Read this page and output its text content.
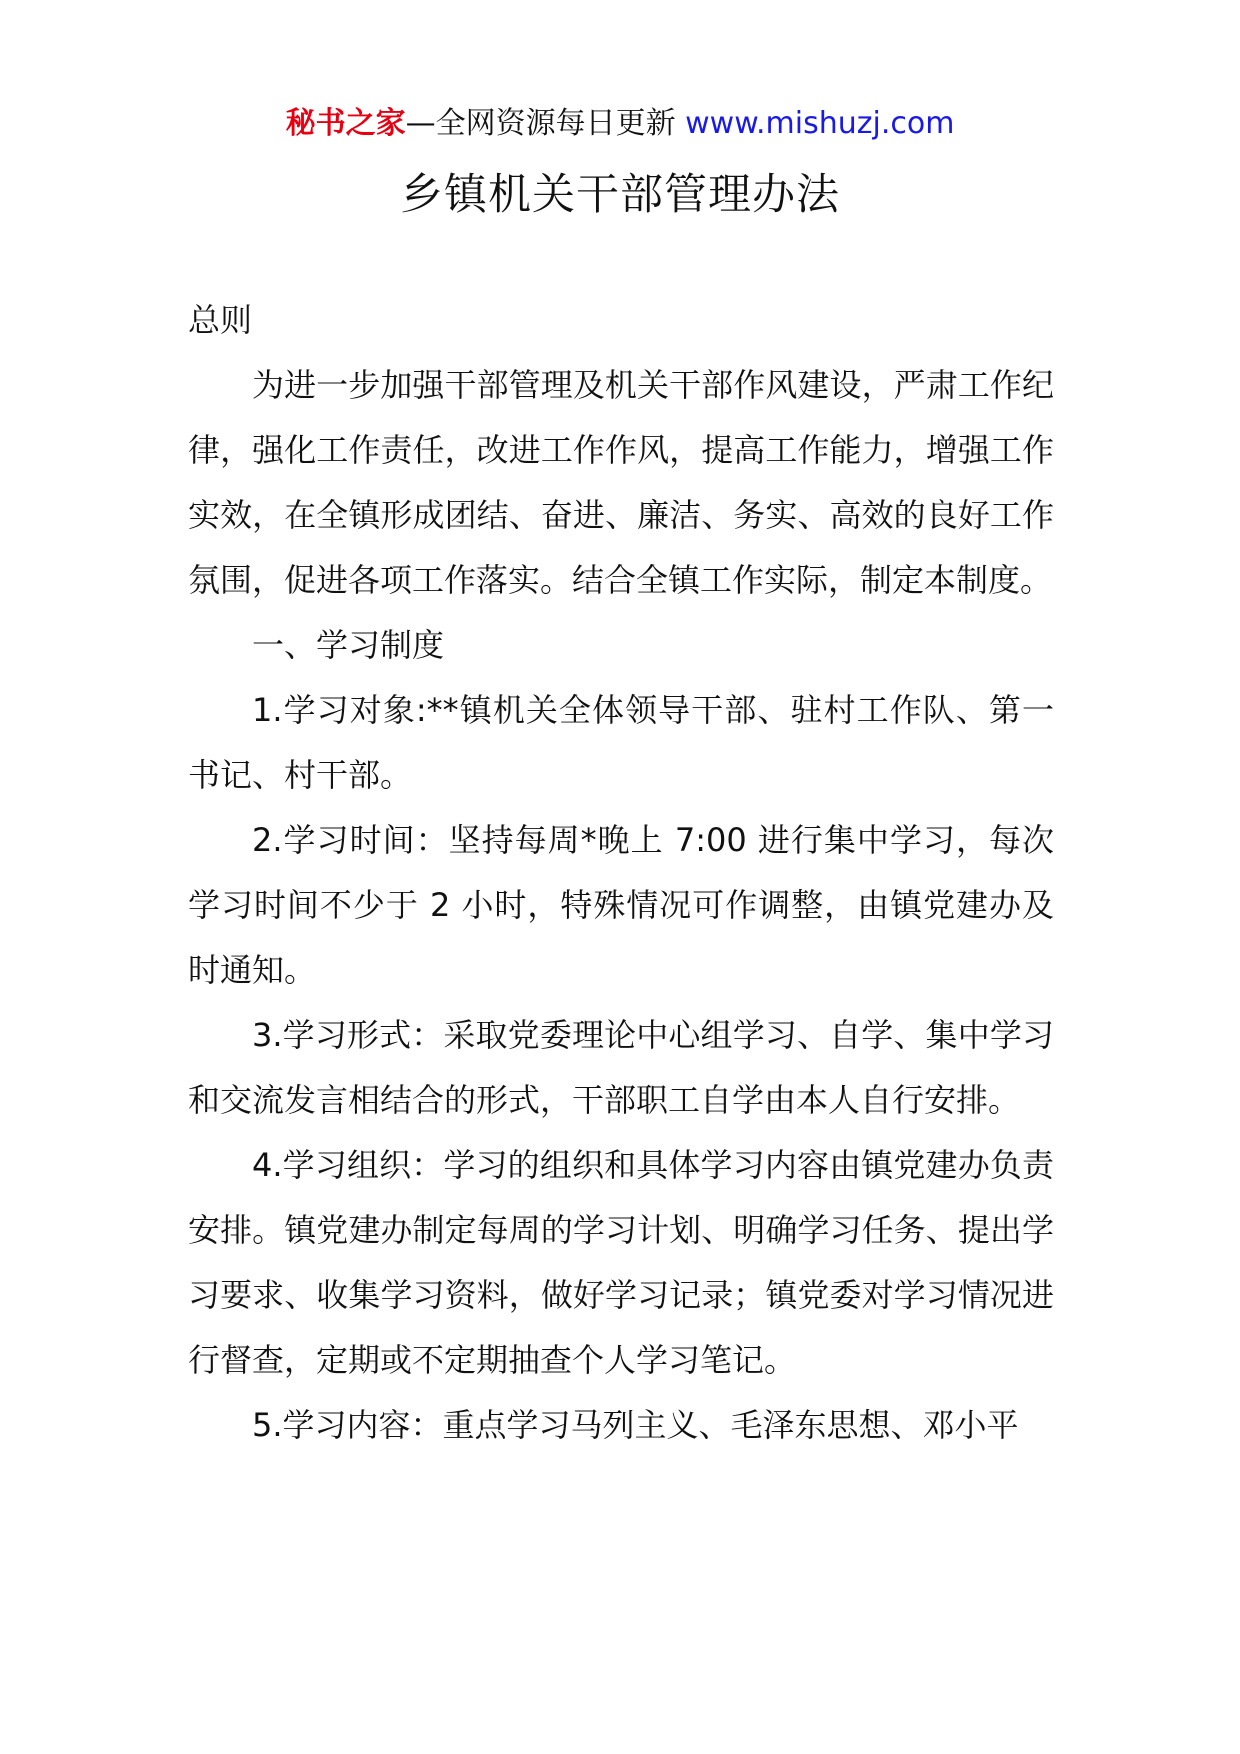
秘书之家—全网资源每日更新 www.mishuzj.com
乡镇机关干部管理办法

总则

为进一步加强干部管理及机关干部作风建设，严肃工作纪律，强化工作责任，改进工作作风，提高工作能力，增强工作实效，在全镇形成团结、奋进、廉洁、务实、高效的良好工作氛围，促进各项工作落实。结合全镇工作实际，制定本制度。

一、学习制度

1.学习对象:**镇机关全体领导干部、驻村工作队、第一书记、村干部。

2.学习时间：坚持每周*晚上 7:00 进行集中学习，每次学习时间不少于 2 小时，特殊情况可作调整，由镇党建办及时通知。

3.学习形式：采取党委理论中心组学习、自学、集中学习和交流发言相结合的形式，干部职工自学由本人自行安排。

4.学习组织：学习的组织和具体学习内容由镇党建办负责安排。镇党建办制定每周的学习计划、明确学习任务、提出学习要求、收集学习资料，做好学习记录；镇党委对学习情况进行督查，定期或不定期抽查个人学习笔记。

5.学习内容：重点学习马列主义、毛泽东思想、邓小平
